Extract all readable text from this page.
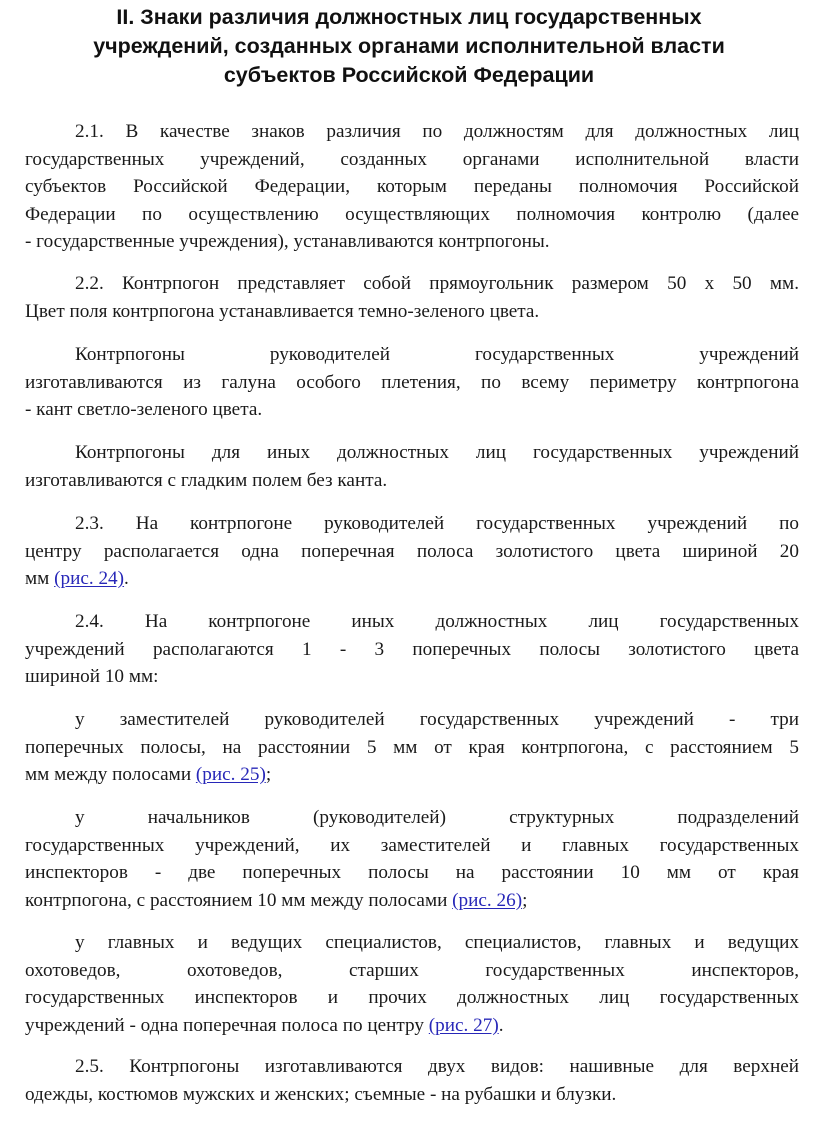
II. Знаки различия должностных лиц государственных
учреждений, созданных органами исполнительной власти
субъектов Российской Федерации
2.1. В качестве знаков различия по должностям для должностных лиц
государственных учреждений, созданных органами исполнительной власти
субъектов Российской Федерации, которым переданы полномочия Российской
Федерации по осуществлению осуществляющих полномочия контролю (далее
- государственные учреждения), устанавливаются контрпогоны.
2.2. Контрпогон представляет собой прямоугольник размером 50 x 50 мм.
Цвет поля контрпогона устанавливается темно-зеленого цвета.
Контрпогоны руководителей государственных учреждений
изготавливаются из галуна особого плетения, по всему периметру контрпогона
- кант светло-зеленого цвета.
Контрпогоны для иных должностных лиц государственных учреждений
изготавливаются с гладким полем без канта.
2.3. На контрпогоне руководителей государственных учреждений по
центру располагается одна поперечная полоса золотистого цвета шириной 20
мм (рис. 24).
2.4. На контрпогоне иных должностных лиц государственных
учреждений располагаются 1 - 3 поперечных полосы золотистого цвета
шириной 10 мм:
у заместителей руководителей государственных учреждений - три
поперечных полосы, на расстоянии 5 мм от края контрпогона, с расстоянием 5
мм между полосами (рис. 25);
у начальников (руководителей) структурных подразделений
государственных учреждений, их заместителей и главных государственных
инспекторов - две поперечных полосы на расстоянии 10 мм от края
контрпогона, с расстоянием 10 мм между полосами (рис. 26);
у главных и ведущих специалистов, специалистов, главных и ведущих
охотоведов, охотоведов, старших государственных инспекторов,
государственных инспекторов и прочих должностных лиц государственных
учреждений - одна поперечная полоса по центру (рис. 27).
2.5. Контрпогоны изготавливаются двух видов: нашивные для верхней
одежды, костюмов мужских и женских; съемные - на рубашки и блузки.
